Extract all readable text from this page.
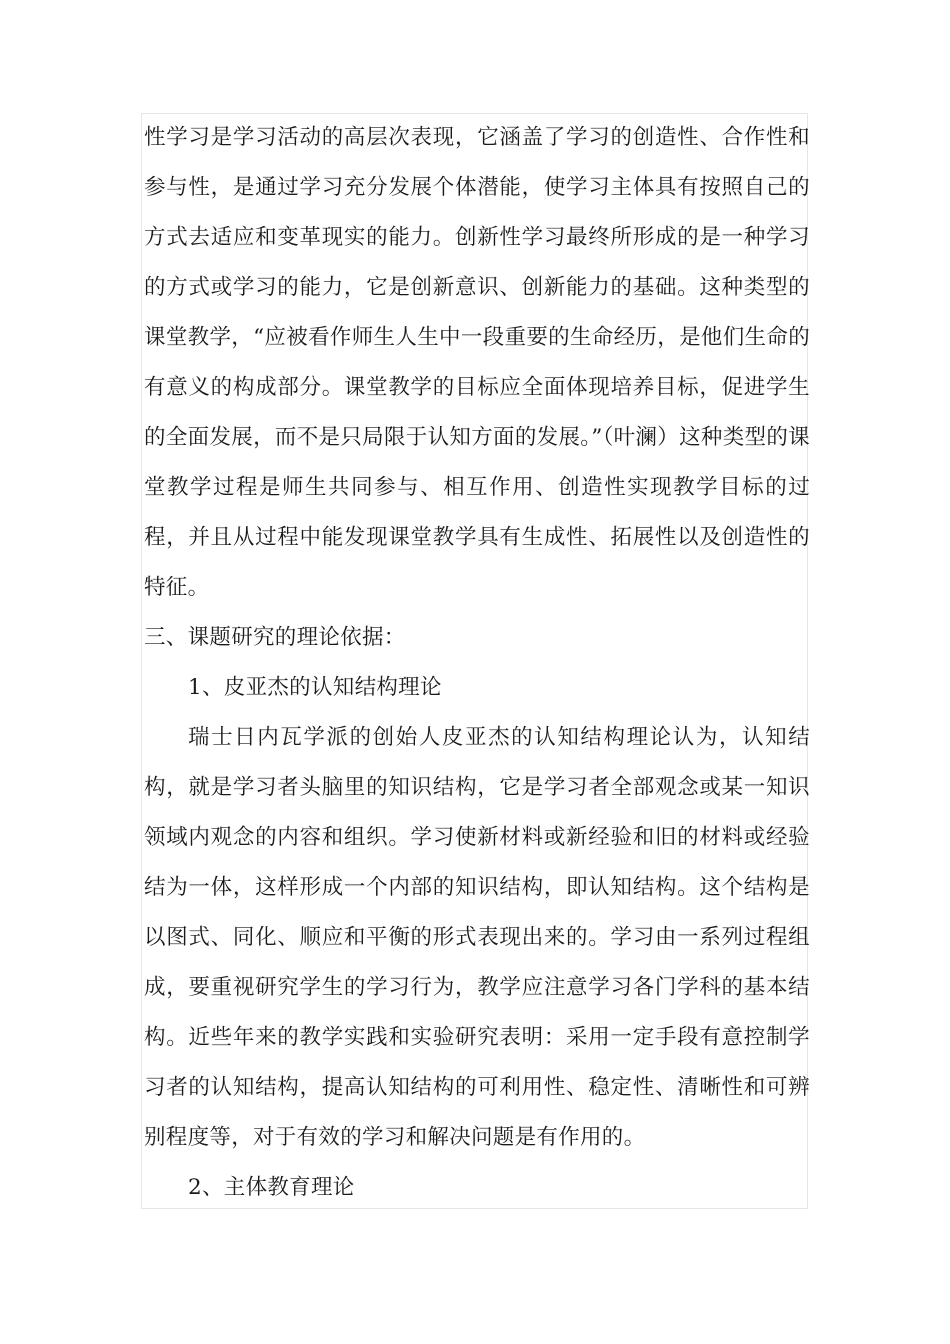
性学习是学习活动的高层次表现，它涵盖了学习的创造性、合作性和参与性，是通过学习充分发展个体潜能，使学习主体具有按照自己的方式去适应和变革现实的能力。创新性学习最终所形成的是一种学习的方式或学习的能力，它是创新意识、创新能力的基础。这种类型的课堂教学，“应被看作师生人生中一段重要的生命经历，是他们生命的有意义的构成部分。课堂教学的目标应全面体现培养目标，促进学生的全面发展，而不是只局限于认知方面的发展。”（叶澜）这种类型的课堂教学过程是师生共同参与、相互作用、创造性实现教学目标的过程，并且从过程中能发现课堂教学具有生成性、拓展性以及创造性的特征。

三、课题研究的理论依据：

1、皮亚杰的认知结构理论

瑞士日内瓦学派的创始人皮亚杰的认知结构理论认为，认知结构，就是学习者头脑里的知识结构，它是学习者全部观念或某一知识领域内观念的内容和组织。学习使新材料或新经验和旧的材料或经验结为一体，这样形成一个内部的知识结构，即认知结构。这个结构是以图式、同化、顺应和平衡的形式表现出来的。学习由一系列过程组成，要重视研究学生的学习行为，教学应注意学习各门学科的基本结构。近些年来的教学实践和实验研究表明：采用一定手段有意控制学习者的认知结构，提高认知结构的可利用性、稳定性、清晰性和可辨别程度等，对于有效的学习和解决问题是有作用的。

2、主体教育理论
